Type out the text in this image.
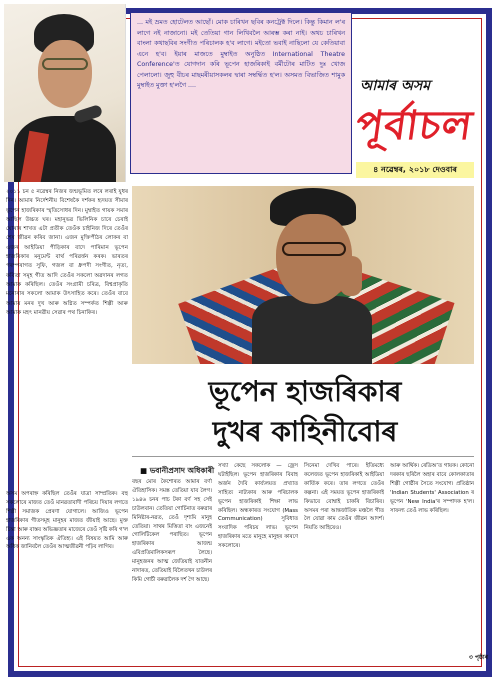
... মই ভ্ৰমত হোটেলত আছোঁ। মোক চাৰিখন ছবিৰ কনট্ৰেক্ট দিলে। কিন্তু কিমান ল'ৰ লাগে নই নাজানো। মই তেতিয়া গান লিখিবলৈ আৰম্ভ কৰা নাই। অথচ চাৰিখন বাংলা কথাছবিৰ সংগীত পৰিচালক হ'ব লাগে। মইতো ভবাই নাছিলো যে কেতিয়াবা এনে হ'ব। ইয়াৰ মাজতে মুম্বাইত অনুষ্ঠিত International Theatre Conference'ত যোগদান কৰি ভূপেন হাজৰিকাই বৰ্মীটোৰ মাটিত দুঃ খোজ পেলালো। জুহু বীচৰ মাছমৰীয়াসকলৰ দ্বাৰা সম্বৰ্দ্ধিত হ'ল। অসমত বিভাজিত শামুক মুম্বাইত মুক্তা হ'লগৈ ....	আমাৰ অসম
পূৰ্বাচল
৪ নৱেম্বৰ, ২০১৮ দেওবাৰ
২০১১ চন ৫ নৱেম্বৰ নিজৰ জন্মভূমিত লৰে লৰাই যুধৰ দিন। আমাৰ নিৰ্দেশনীয় বিশেষকৈ দৰ্শকৰ হৃদয়ত সীমাৰ ভূপেন হাজৰিকাৰ স্মৃতিসোধৰ দিন। মুম্বাইত গায়ক সমাৰ আছিল উচ্চত ঘৰ। মহানুভৱ ভিলিনিক চাৰে চেৰাই ঘোৰাৰ শাখত এটা প্ৰতীক তেওঁক চাইনিজ দিৰে তেওঁৰ শেষ জীৱন কৰিব জানা। এজন মুক্তিপীঠৰ লোকৰ বা এজন আইডিয়া পীড়িকাৰ বাদে পাৰিমান ভূপেন হাজৰিকাৰ মনুমেন্ট বাৰ্থ পৰিৱৰ্ত্তন কৰক। ভাৰতৰ পৰম্পৰাগত সুফি, গজল বা ধ্ৰুপদী সংগীত, নৃত্য, কবিতা সমূহ গীত আদি তেওঁৰ সকলো অৱদানৰ লগত আমাক কৰিছিল। তেওঁৰ সংগ্ৰামী চৰিত্ৰ, বিশ্বপ্ৰাকৃতি মনোৰাৰ সকলো আমাক উৎসাহিত কৰে। তেওঁৰ বাবে আমাৰ মনৰ দুখ আৰু অগ্নিত সম্পৰ্কত শিল্পী আৰু আমাক মহৎ মানৱীয় সেৱাৰ পথ চিনাকিৰ।
ভূপেন হাজৰিকাৰ
দুখৰ কাহিনীবোৰ
■ ভবানীপ্ৰসাদ অধিকাৰী
অসম অপৰাহ্ন কৰিছিল তেওঁৰ যাত্ৰা সাম্প্ৰতিক। বহু সকলোৰে মাজত তেওঁ মানৱতাবাদী পৰিচয় দিয়াৰ লগতে শিল্পী সমাজক প্ৰেৰণা যোগালে। আজিও ভূপেন হাজৰিকাৰ গীতসমূহ মানুহৰ মাজত জীয়াই আছে। মুক্ত চিন্তা আৰু বাস্তব অভিজ্ঞতাৰ মাজেৰে তেওঁ সৃষ্টি কৰি গ'ল এক অনন্য সাংস্কৃতিক ঐতিহ্য। এই বিষয়ত আমি আৰু অধিক জানিবলৈ তেওঁৰ আত্মজীৱনী পঢ়িব লাগিব।
বছৰ মোৰ কৈশোৰত আমাৰ বৰ্ণা ঐতিহাসিক। সমস্ত তেতিয়া যাব লৈগ। ১৯৪৬ চনৰ পাচ টকা বৰ্ণ সহ সেই চাউলবান। তেতিয়া গোৰ্চিনাত বৰুৱাৰ মিনিষ্টাৰ-নৱত, তেওঁ দৃশ্যমি মানুহ তেতিয়া। সাথৰ মিত্তিতা বাং এজনেই গোলিটিকেল পৰাছিত। ভূপেন হাজৰিকাৰ আজন্ম এবিপ্ৰতিমালিকসৰূপ লৈছে। মানুহজনৰ আত্ম জেতিয়াই যাতনীন নাদাৰত, তেতিয়াই বিলৈতখন চাউলৰ কিমি গোৰ্চী বৰুৱালৈক দৰ্শ গৈ আছে।
সখ্যা কেছে সকলোক — জ্ৰেস ঘটাইছিল। ভূপেন হাজৰিকাৰ বিবাহ অৰ্জন দৈবি কাৰ্য্যলয়ত প্ৰখ্যাত সাহিত্য নাট্যকাৰ আৰু পৰিচালক ভূপেন হাজৰিকাই শিক্ষা লাভ কৰিছিল। অন্ধকাৰত সংযোগ (Mass Communication) সুবিধাত সংবাদিক পৰিচয় লাভ। ভূপেন হাজৰিকাৰ মতে মানুহে মানুহৰ কাৰণে সকলোৰে।
সিনেমা দেখিব পাৰে। ইতিমধ্যে কলেজত ভূপেন হাজৰিকাই আইডিয়া কাৰ্য্যিক কৰে। তাৰ লগতে তেওঁৰ কল্পনা। এই সময়ত ভূপেন হাজৰিকাই কিভাবে বোম্বাই চাকৰি বিচাৰিব। অসমৰ পৰা আন্তৰ্জাতিক মঞ্চলৈ গীত লৈ যোৱা কাম তেওঁৰ জীৱন আদৰ্শ। নিয়তি আহিয়েও।
আৰু আৰ্থিক। ৰেডিঅ’ত গায়ক। কোনো দৰকাৰ ছৰিলৈ অহাৰ বাবে কোলকাতাৰ শিল্পী গোষ্ঠীৰ সৈতে সংযোগ। প্ৰতিষ্ঠান 'Indian Students' Association ৰ ভূপেন 'New India'ৰ সম্পাদক হ'ল। সাফল্য তেওঁ লাভ কৰিছিল।
৩ পৃষ্ঠাৰ
